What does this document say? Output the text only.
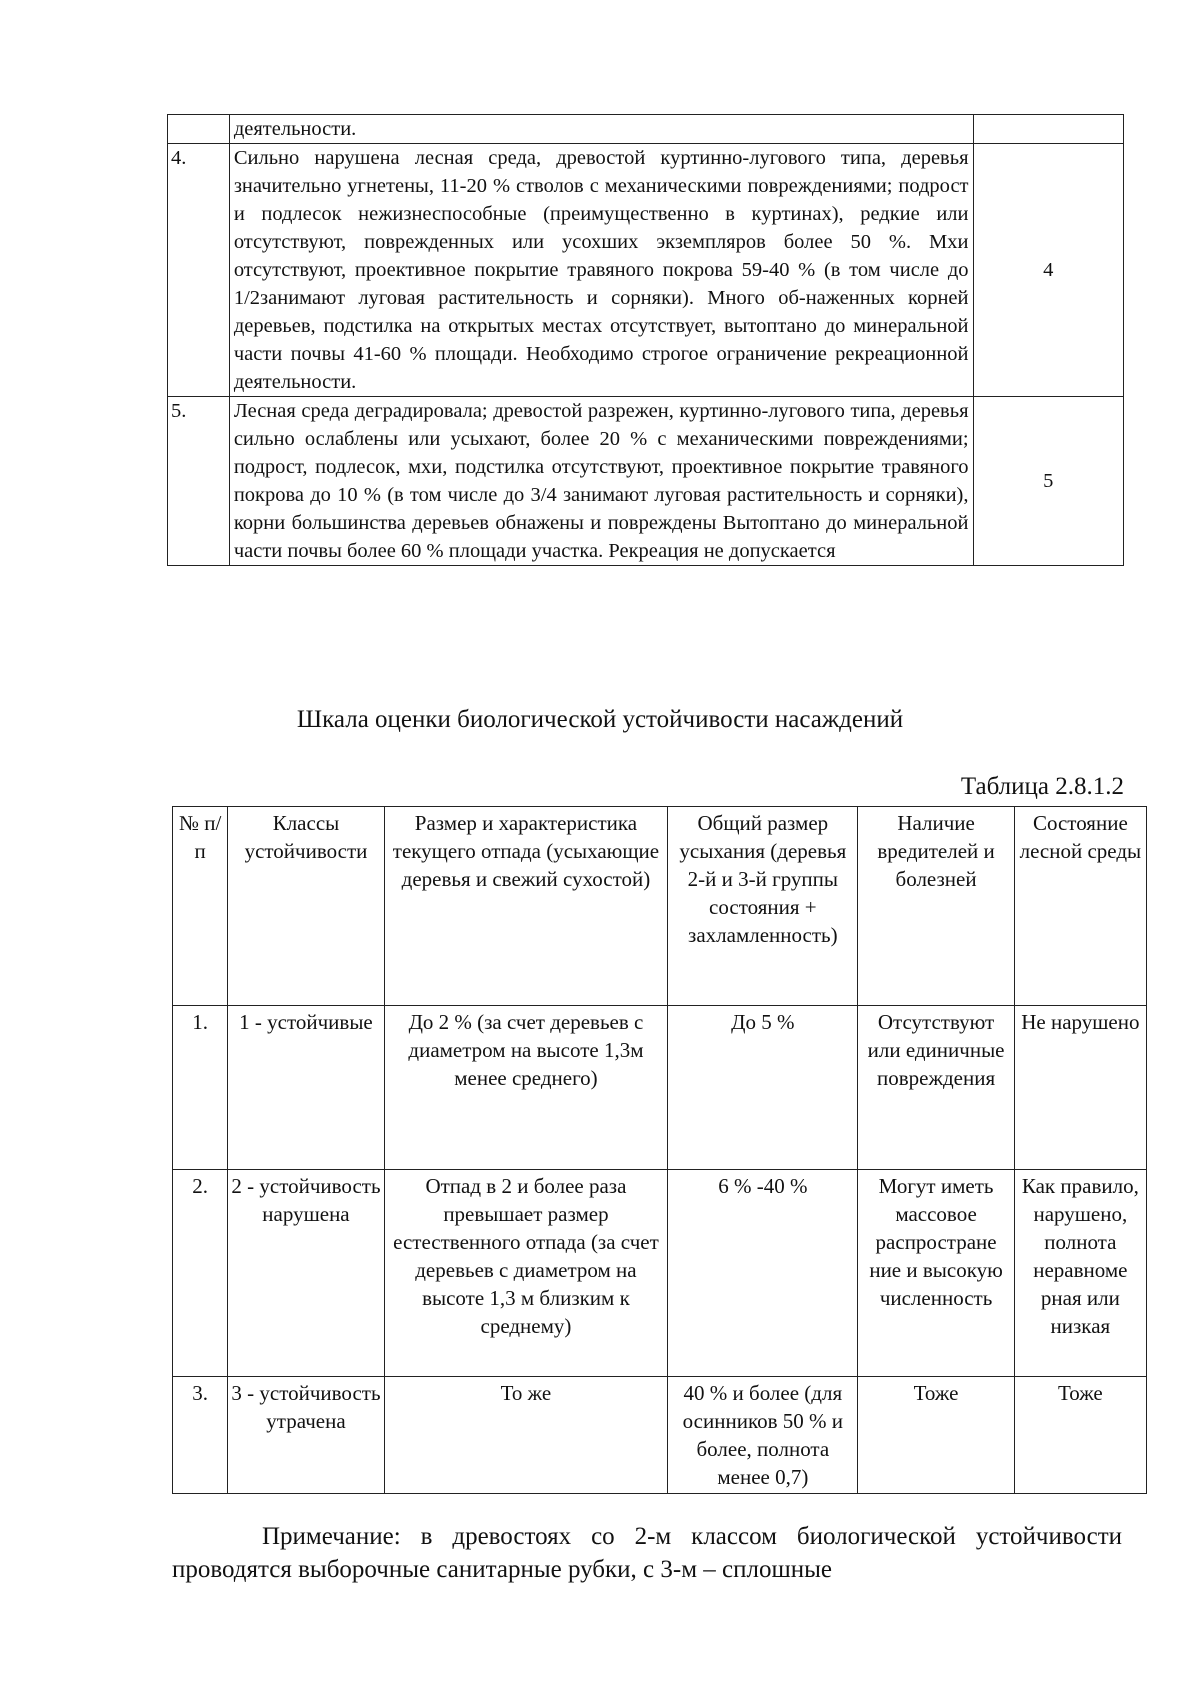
	деятельности.	
4.	Сильно нарушена лесная среда, древостой куртинно-лугового типа, деревья значительно угнетены, 11-20 % стволов с механическими повреждениями; подрост и подлесок нежизнеспособные (преимущественно в куртинах), редкие или отсутствуют, поврежденных или усохших экземпляров более 50 %. Мхи отсутствуют, проективное покрытие травяного покрова 59-40 % (в том числе до 1/2занимают луговая растительность и сорняки). Много об-наженных корней деревьев, подстилка на открытых местах отсутствует, вытоптано до минеральной части почвы 41-60 % площади. Необходимо строгое ограничение рекреационной деятельности.	4
5.	Лесная среда деградировала; древостой разрежен, куртинно-лугового типа, деревья сильно ослаблены или усыхают, более 20 % с механическими повреждениями; подрост, подлесок, мхи, подстилка отсутствуют, проективное покрытие травяного покрова до 10 % (в том числе до 3/4 занимают луговая растительность и сорняки), корни большинства деревьев обнажены и повреждены Вытоптано до минеральной части почвы более 60 % площади участка. Рекреация не допускается	5

Шкала оценки биологической устойчивости насаждений

Таблица 2.8.1.2

№ п/п	Классы устойчивости	Размер и характеристика текущего отпада (усыхающие деревья и свежий сухостой)	Общий размер усыхания (деревья 2-й и 3-й группы состояния + захламленность)	Наличие вредителей и болезней	Состояние лесной среды
1.	1 - устойчивые	До 2 % (за счет деревьев с диаметром на высоте 1,3м менее среднего)	До 5 %	Отсутствуют или единичные повреждения	Не нарушено
2.	2 - устойчивость нарушена	Отпад в 2 и более раза превышает размер естественного отпада (за счет деревьев с диаметром на высоте 1,3 м близким к среднему)	6 % -40 %	Могут иметь массовое распростране ние и высокую численность	Как правило, нарушено, полнота неравноме рная или низкая
3.	3 - устойчивость утрачена	То же	40 % и более (для осинников 50 % и более, полнота менее 0,7)	Тоже	Тоже

Примечание: в древостоях со 2-м классом биологической устойчивости проводятся выборочные санитарные рубки, с 3-м – сплошные
